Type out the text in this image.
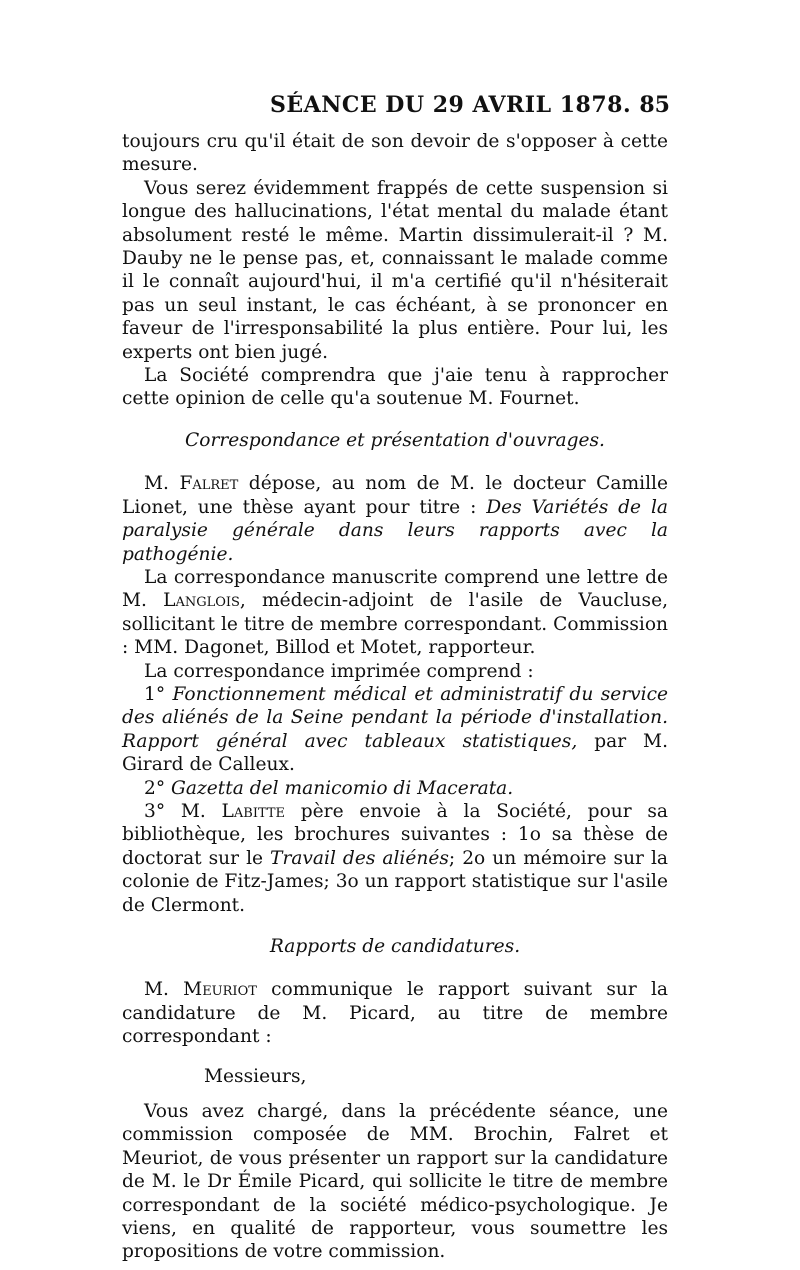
SÉANCE DU 29 AVRIL 1878. 85

toujours cru qu'il était de son devoir de s'opposer à cette mesure.

Vous serez évidemment frappés de cette suspension si longue des hallucinations, l'état mental du malade étant absolument resté le même. Martin dissimulerait-il ? M. Dauby ne le pense pas, et, connaissant le malade comme il le connaît aujourd'hui, il m'a certifié qu'il n'hésiterait pas un seul instant, le cas échéant, à se prononcer en faveur de l'irresponsabilité la plus entière. Pour lui, les experts ont bien jugé.

La Société comprendra que j'aie tenu à rapprocher cette opinion de celle qu'a soutenue M. Fournet.

Correspondance et présentation d'ouvrages.

M. Falret dépose, au nom de M. le docteur Camille Lionet, une thèse ayant pour titre : Des Variétés de la paralysie générale dans leurs rapports avec la pathogénie.

La correspondance manuscrite comprend une lettre de M. Langlois, médecin-adjoint de l'asile de Vaucluse, sollicitant le titre de membre correspondant. Commission : MM. Dagonet, Billod et Motet, rapporteur.

La correspondance imprimée comprend :

1° Fonctionnement médical et administratif du service des aliénés de la Seine pendant la période d'installation. Rapport général avec tableaux statistiques, par M. Girard de Calleux.

2° Gazetta del manicomio di Macerata.

3° M. Labitte père envoie à la Société, pour sa bibliothèque, les brochures suivantes : 1o sa thèse de doctorat sur le Travail des aliénés; 2o un mémoire sur la colonie de Fitz-James; 3o un rapport statistique sur l'asile de Clermont.

Rapports de candidatures.

M. Meuriot communique le rapport suivant sur la candidature de M. Picard, au titre de membre correspondant :

Messieurs,

Vous avez chargé, dans la précédente séance, une commission composée de MM. Brochin, Falret et Meuriot, de vous présenter un rapport sur la candidature de M. le Dr Émile Picard, qui sollicite le titre de membre correspondant de la société médico-psychologique. Je viens, en qualité de rapporteur, vous soumettre les propositions de votre commission.
